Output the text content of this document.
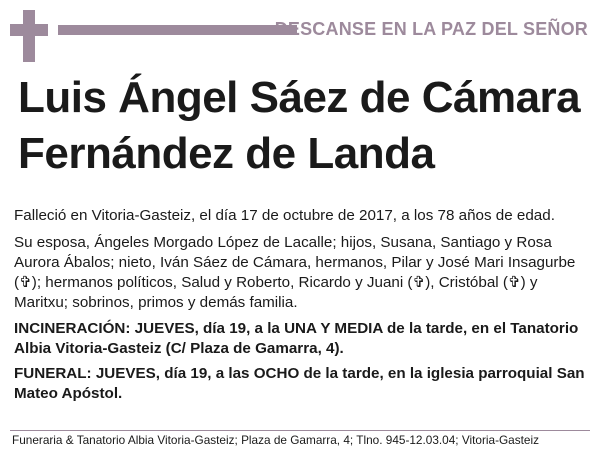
DESCANSE EN LA PAZ DEL SEÑOR
Luis Ángel Sáez de Cámara
Fernández de Landa

Falleció en Vitoria-Gasteiz, el día 17 de octubre de 2017, a los 78 años de edad.

Su esposa, Ángeles Morgado López de Lacalle; hijos, Susana, Santiago y Rosa Aurora Ábalos; nieto, Iván Sáez de Cámara, hermanos, Pilar y José Mari Insagurbe (✞); hermanos políticos, Salud y Roberto, Ricardo y Juani (✞), Cristóbal (✞) y Maritxu; sobrinos, primos y demás familia.

INCINERACIÓN: JUEVES, día 19, a la UNA Y MEDIA de la tarde, en el Tanatorio Albia Vitoria-Gasteiz (C/ Plaza de Gamarra, 4).

FUNERAL: JUEVES, día 19, a las OCHO de la tarde, en la iglesia parroquial San Mateo Apóstol.

Funeraria & Tanatorio Albia Vitoria-Gasteiz; Plaza de Gamarra, 4; Tlno. 945-12.03.04; Vitoria-Gasteiz
